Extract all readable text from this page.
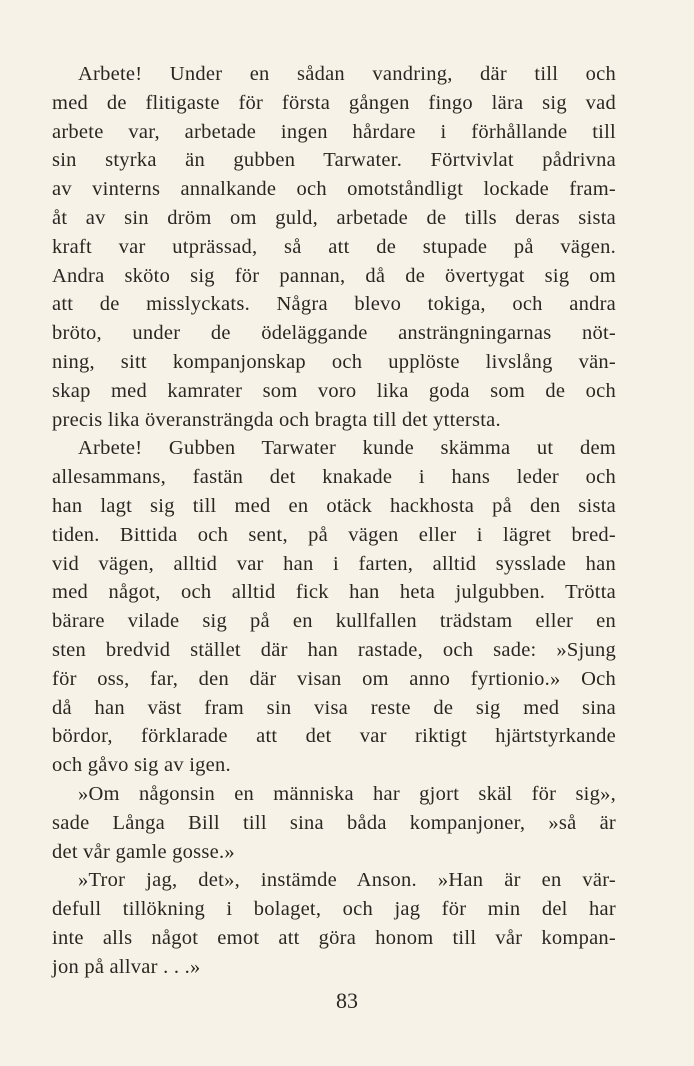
Arbete! Under en sådan vandring, där till och
med de flitigaste för första gången fingo lära sig vad
arbete var, arbetade ingen hårdare i förhållande till
sin styrka än gubben Tarwater. Förtvivlat pådrivna
av vinterns annalkande och omotståndligt lockade fram-
åt av sin dröm om guld, arbetade de tills deras sista
kraft var utprässad, så att de stupade på vägen.
Andra sköto sig för pannan, då de övertygat sig om
att de misslyckats. Några blevo tokiga, och andra
bröto, under de ödeläggande ansträngningarnas nöt-
ning, sitt kompanjonskap och upplöste livslång vän-
skap med kamrater som voro lika goda som de och
precis lika överansträngda och bragta till det yttersta.
Arbete! Gubben Tarwater kunde skämma ut dem
allesammans, fastän det knakade i hans leder och
han lagt sig till med en otäck hackhosta på den sista
tiden. Bittida och sent, på vägen eller i lägret bred-
vid vägen, alltid var han i farten, alltid sysslade han
med något, och alltid fick han heta julgubben. Trötta
bärare vilade sig på en kullfallen trädstam eller en
sten bredvid stället där han rastade, och sade: »Sjung
för oss, far, den där visan om anno fyrtionio.» Och
då han väst fram sin visa reste de sig med sina
bördor, förklarade att det var riktigt hjärtstyrkande
och gåvo sig av igen.
»Om någonsin en människa har gjort skäl för sig»,
sade Långa Bill till sina båda kompanjoner, »så är
det vår gamle gosse.»
»Tror jag, det», instämde Anson. »Han är en vär-
defull tillökning i bolaget, och jag för min del har
inte alls något emot att göra honom till vår kompan-
jon på allvar . . .»
83
